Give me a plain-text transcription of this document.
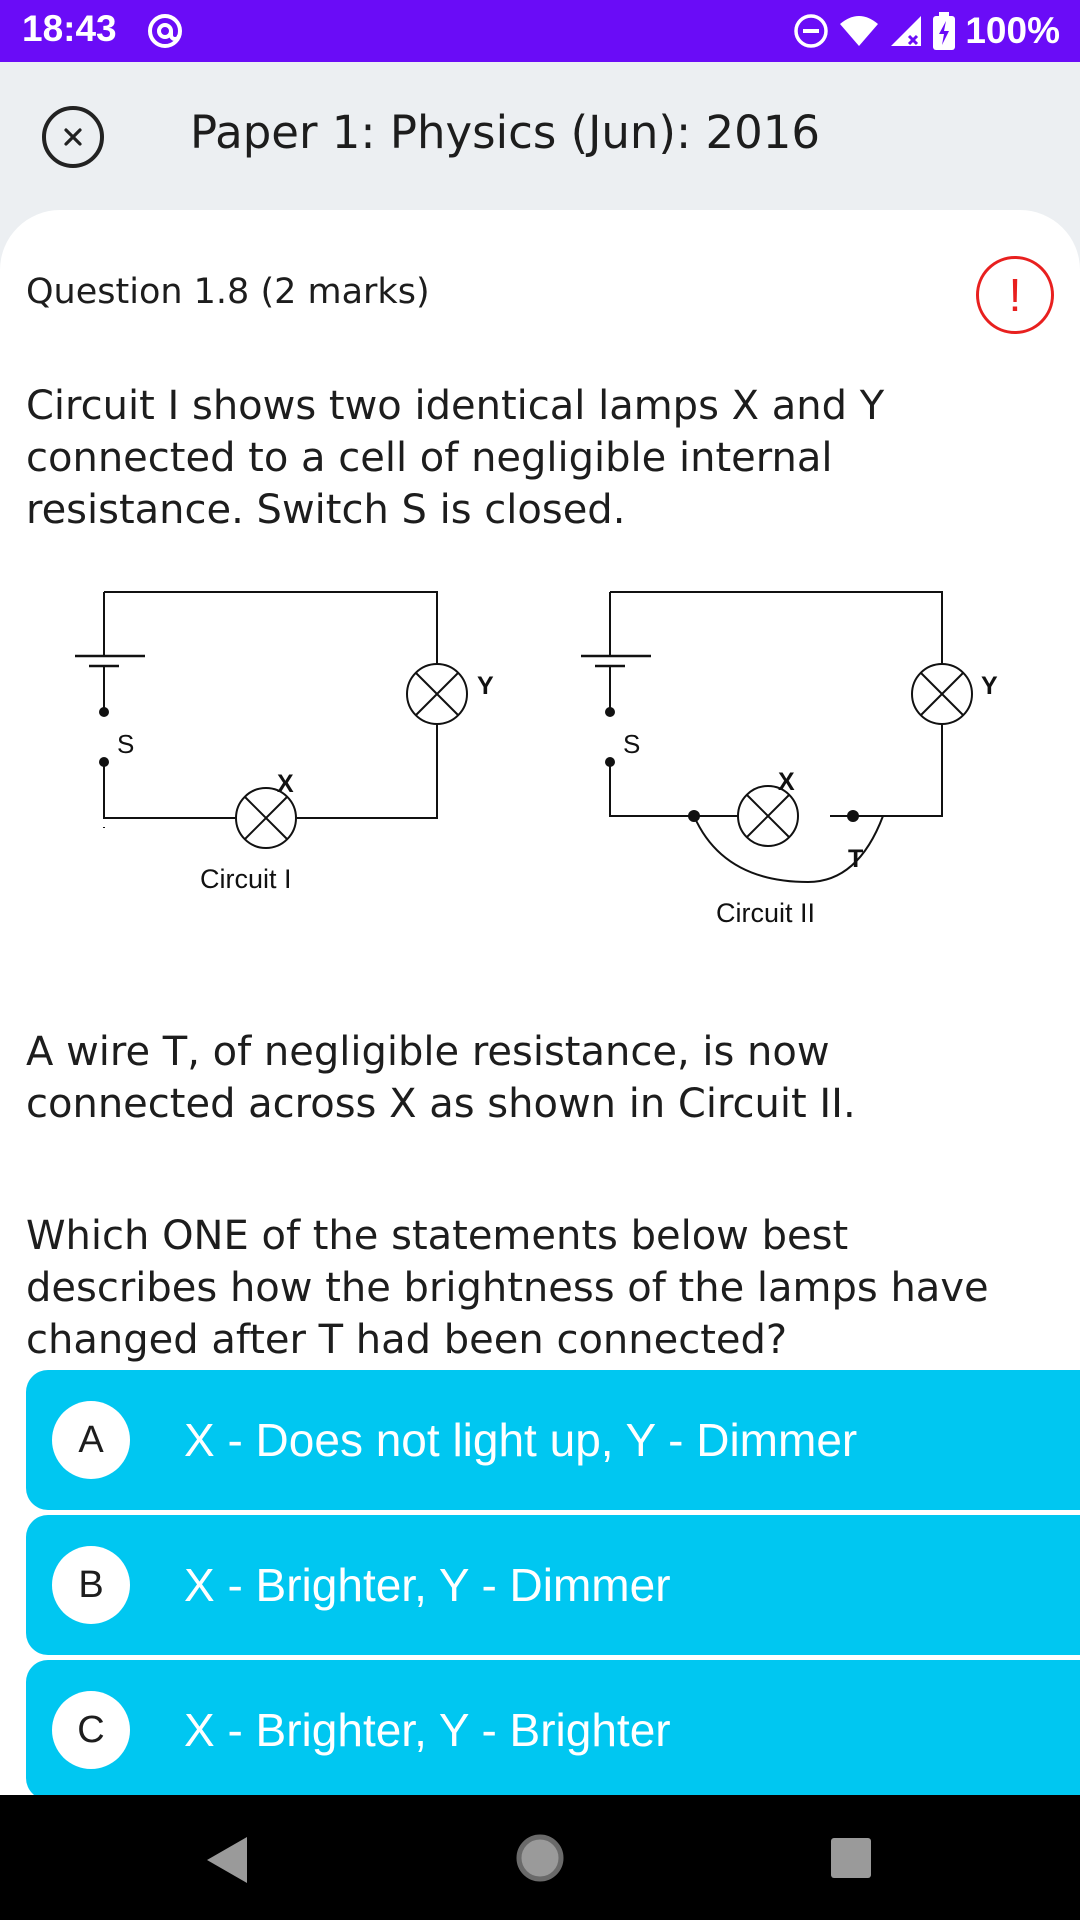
18:43	100%
Paper 1: Physics (Jun): 2016
Question 1.8 (2 marks)	!
Circuit I shows two identical lamps X and Y connected to a cell of negligible internal resistance. Switch S is closed.
S
X
Y
Circuit I
S
X
Y
T
Circuit II
A wire T, of negligible resistance, is now connected across X as shown in Circuit II.
Which ONE of the statements below best describes how the brightness of the lamps have changed after T had been connected?
A	X - Does not light up, Y - Dimmer
B	X - Brighter, Y - Dimmer
C	X - Brighter, Y - Brighter
